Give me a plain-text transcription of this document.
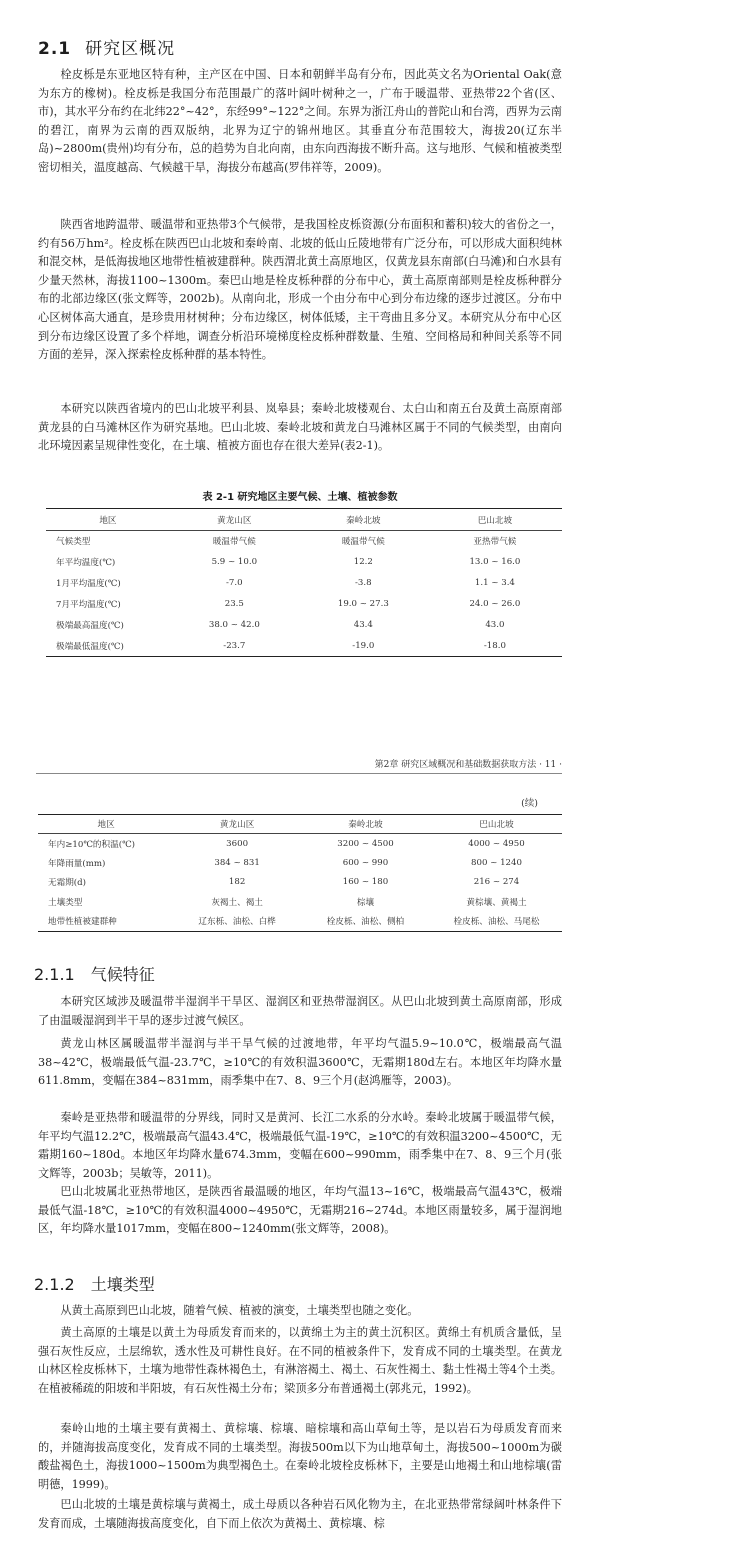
2.1 研究区概况

栓皮栎是东亚地区特有种，主产区在中国、日本和朝鲜半岛有分布，因此英文名为Oriental Oak(意为东方的橡树)。栓皮栎是我国分布范围最广的落叶阔叶树种之一，广布于暖温带、亚热带22个省(区、市)，其水平分布约在北纬22°~42°，东经99°~122°之间。东界为浙江舟山的普陀山和台湾，西界为云南的碧江，南界为云南的西双版纳，北界为辽宁的锦州地区。其垂直分布范围较大，海拔20(辽东半岛)~2800m(贵州)均有分布，总的趋势为自北向南，由东向西海拔不断升高。这与地形、气候和植被类型密切相关，温度越高、气候越干旱，海拔分布越高(罗伟祥等，2009)。

陕西省地跨温带、暖温带和亚热带3个气候带，是我国栓皮栎资源(分布面积和蓄积)较大的省份之一，约有56万hm²。栓皮栎在陕西巴山北坡和秦岭南、北坡的低山丘陵地带有广泛分布，可以形成大面积纯林和混交林，是低海拔地区地带性植被建群种。陕西渭北黄土高原地区，仅黄龙县东南部(白马滩)和白水县有少量天然林，海拔1100~1300m。秦巴山地是栓皮栎种群的分布中心，黄土高原南部则是栓皮栎种群分布的北部边缘区(张文辉等，2002b)。从南向北，形成一个由分布中心到分布边缘的逐步过渡区。分布中心区树体高大通直，是珍贵用材树种；分布边缘区，树体低矮，主干弯曲且多分叉。本研究从分布中心区到分布边缘区设置了多个样地，调查分析沿环境梯度栓皮栎种群数量、生殖、空间格局和种间关系等不同方面的差异，深入探索栓皮栎种群的基本特性。

本研究以陕西省境内的巴山北坡平利县、岚皋县；秦岭北坡楼观台、太白山和南五台及黄土高原南部黄龙县的白马滩林区作为研究基地。巴山北坡、秦岭北坡和黄龙白马滩林区属于不同的气候类型，由南向北环境因素呈规律性变化，在土壤、植被方面也存在很大差异(表2-1)。

表 2-1 研究地区主要气候、土壤、植被参数

地区	黄龙山区	秦岭北坡	巴山北坡
气候类型	暖温带气候	暖温带气候	亚热带气候
年平均温度(℃)	5.9 ~ 10.0	12.2	13.0 ~ 16.0
1月平均温度(℃)	-7.0	-3.8	1.1 ~ 3.4
7月平均温度(℃)	23.5	19.0 ~ 27.3	24.0 ~ 26.0
极端最高温度(℃)	38.0 ~ 42.0	43.4	43.0
极端最低温度(℃)	-23.7	-19.0	-18.0
第2章 研究区域概况和基础数据获取方法 · 11 ·
(续)
地区	黄龙山区	秦岭北坡	巴山北坡
年内≥10℃的积温(℃)	3600	3200 ~ 4500	4000 ~ 4950
年降雨量(mm)	384 ~ 831	600 ~ 990	800 ~ 1240
无霜期(d)	182	160 ~ 180	216 ~ 274
土壤类型	灰褐土、褐土	棕壤	黄棕壤、黄褐土
地带性植被建群种	辽东栎、油松、白桦	栓皮栎、油松、侧柏	栓皮栎、油松、马尾松
2.1.1 气候特征

本研究区域涉及暖温带半湿润半干旱区、湿润区和亚热带湿润区。从巴山北坡到黄土高原南部，形成了由温暖湿润到半干旱的逐步过渡气候区。

黄龙山林区属暖温带半湿润与半干旱气候的过渡地带，年平均气温5.9~10.0℃，极端最高气温38~42℃，极端最低气温-23.7℃，≥10℃的有效积温3600℃，无霜期180d左右。本地区年均降水量611.8mm，变幅在384~831mm，雨季集中在7、8、9三个月(赵鸿雁等，2003)。

秦岭是亚热带和暖温带的分界线，同时又是黄河、长江二水系的分水岭。秦岭北坡属于暖温带气候，年平均气温12.2℃，极端最高气温43.4℃，极端最低气温-19℃，≥10℃的有效积温3200~4500℃，无霜期160~180d。本地区年均降水量674.3mm，变幅在600~990mm，雨季集中在7、8、9三个月(张文辉等，2003b；吴敏等，2011)。

巴山北坡属北亚热带地区，是陕西省最温暖的地区，年均气温13~16℃，极端最高气温43℃，极端最低气温-18℃，≥10℃的有效积温4000~4950℃，无霜期216~274d。本地区雨量较多，属于湿润地区，年均降水量1017mm，变幅在800~1240mm(张文辉等，2008)。

2.1.2 土壤类型

从黄土高原到巴山北坡，随着气候、植被的演变，土壤类型也随之变化。

黄土高原的土壤是以黄土为母质发育而来的，以黄绵土为主的黄土沉积区。黄绵土有机质含量低，呈强石灰性反应，土层绵软，透水性及可耕性良好。在不同的植被条件下，发育成不同的土壤类型。在黄龙山林区栓皮栎林下，土壤为地带性森林褐色土，有淋溶褐土、褐土、石灰性褐土、黏土性褐土等4个土类。在植被稀疏的阳坡和半阳坡，有石灰性褐土分布；梁顶多分布普通褐土(郭兆元，1992)。

秦岭山地的土壤主要有黄褐土、黄棕壤、棕壤、暗棕壤和高山草甸土等，是以岩石为母质发育而来的，并随海拔高度变化，发育成不同的土壤类型。海拔500m以下为山地草甸土，海拔500~1000m为碳酸盐褐色土，海拔1000~1500m为典型褐色土。在秦岭北坡栓皮栎林下，主要是山地褐土和山地棕壤(雷明德，1999)。

巴山北坡的土壤是黄棕壤与黄褐土，成土母质以各种岩石风化物为主，在北亚热带常绿阔叶林条件下发育而成，土壤随海拔高度变化，自下而上依次为黄褐土、黄棕壤、棕
